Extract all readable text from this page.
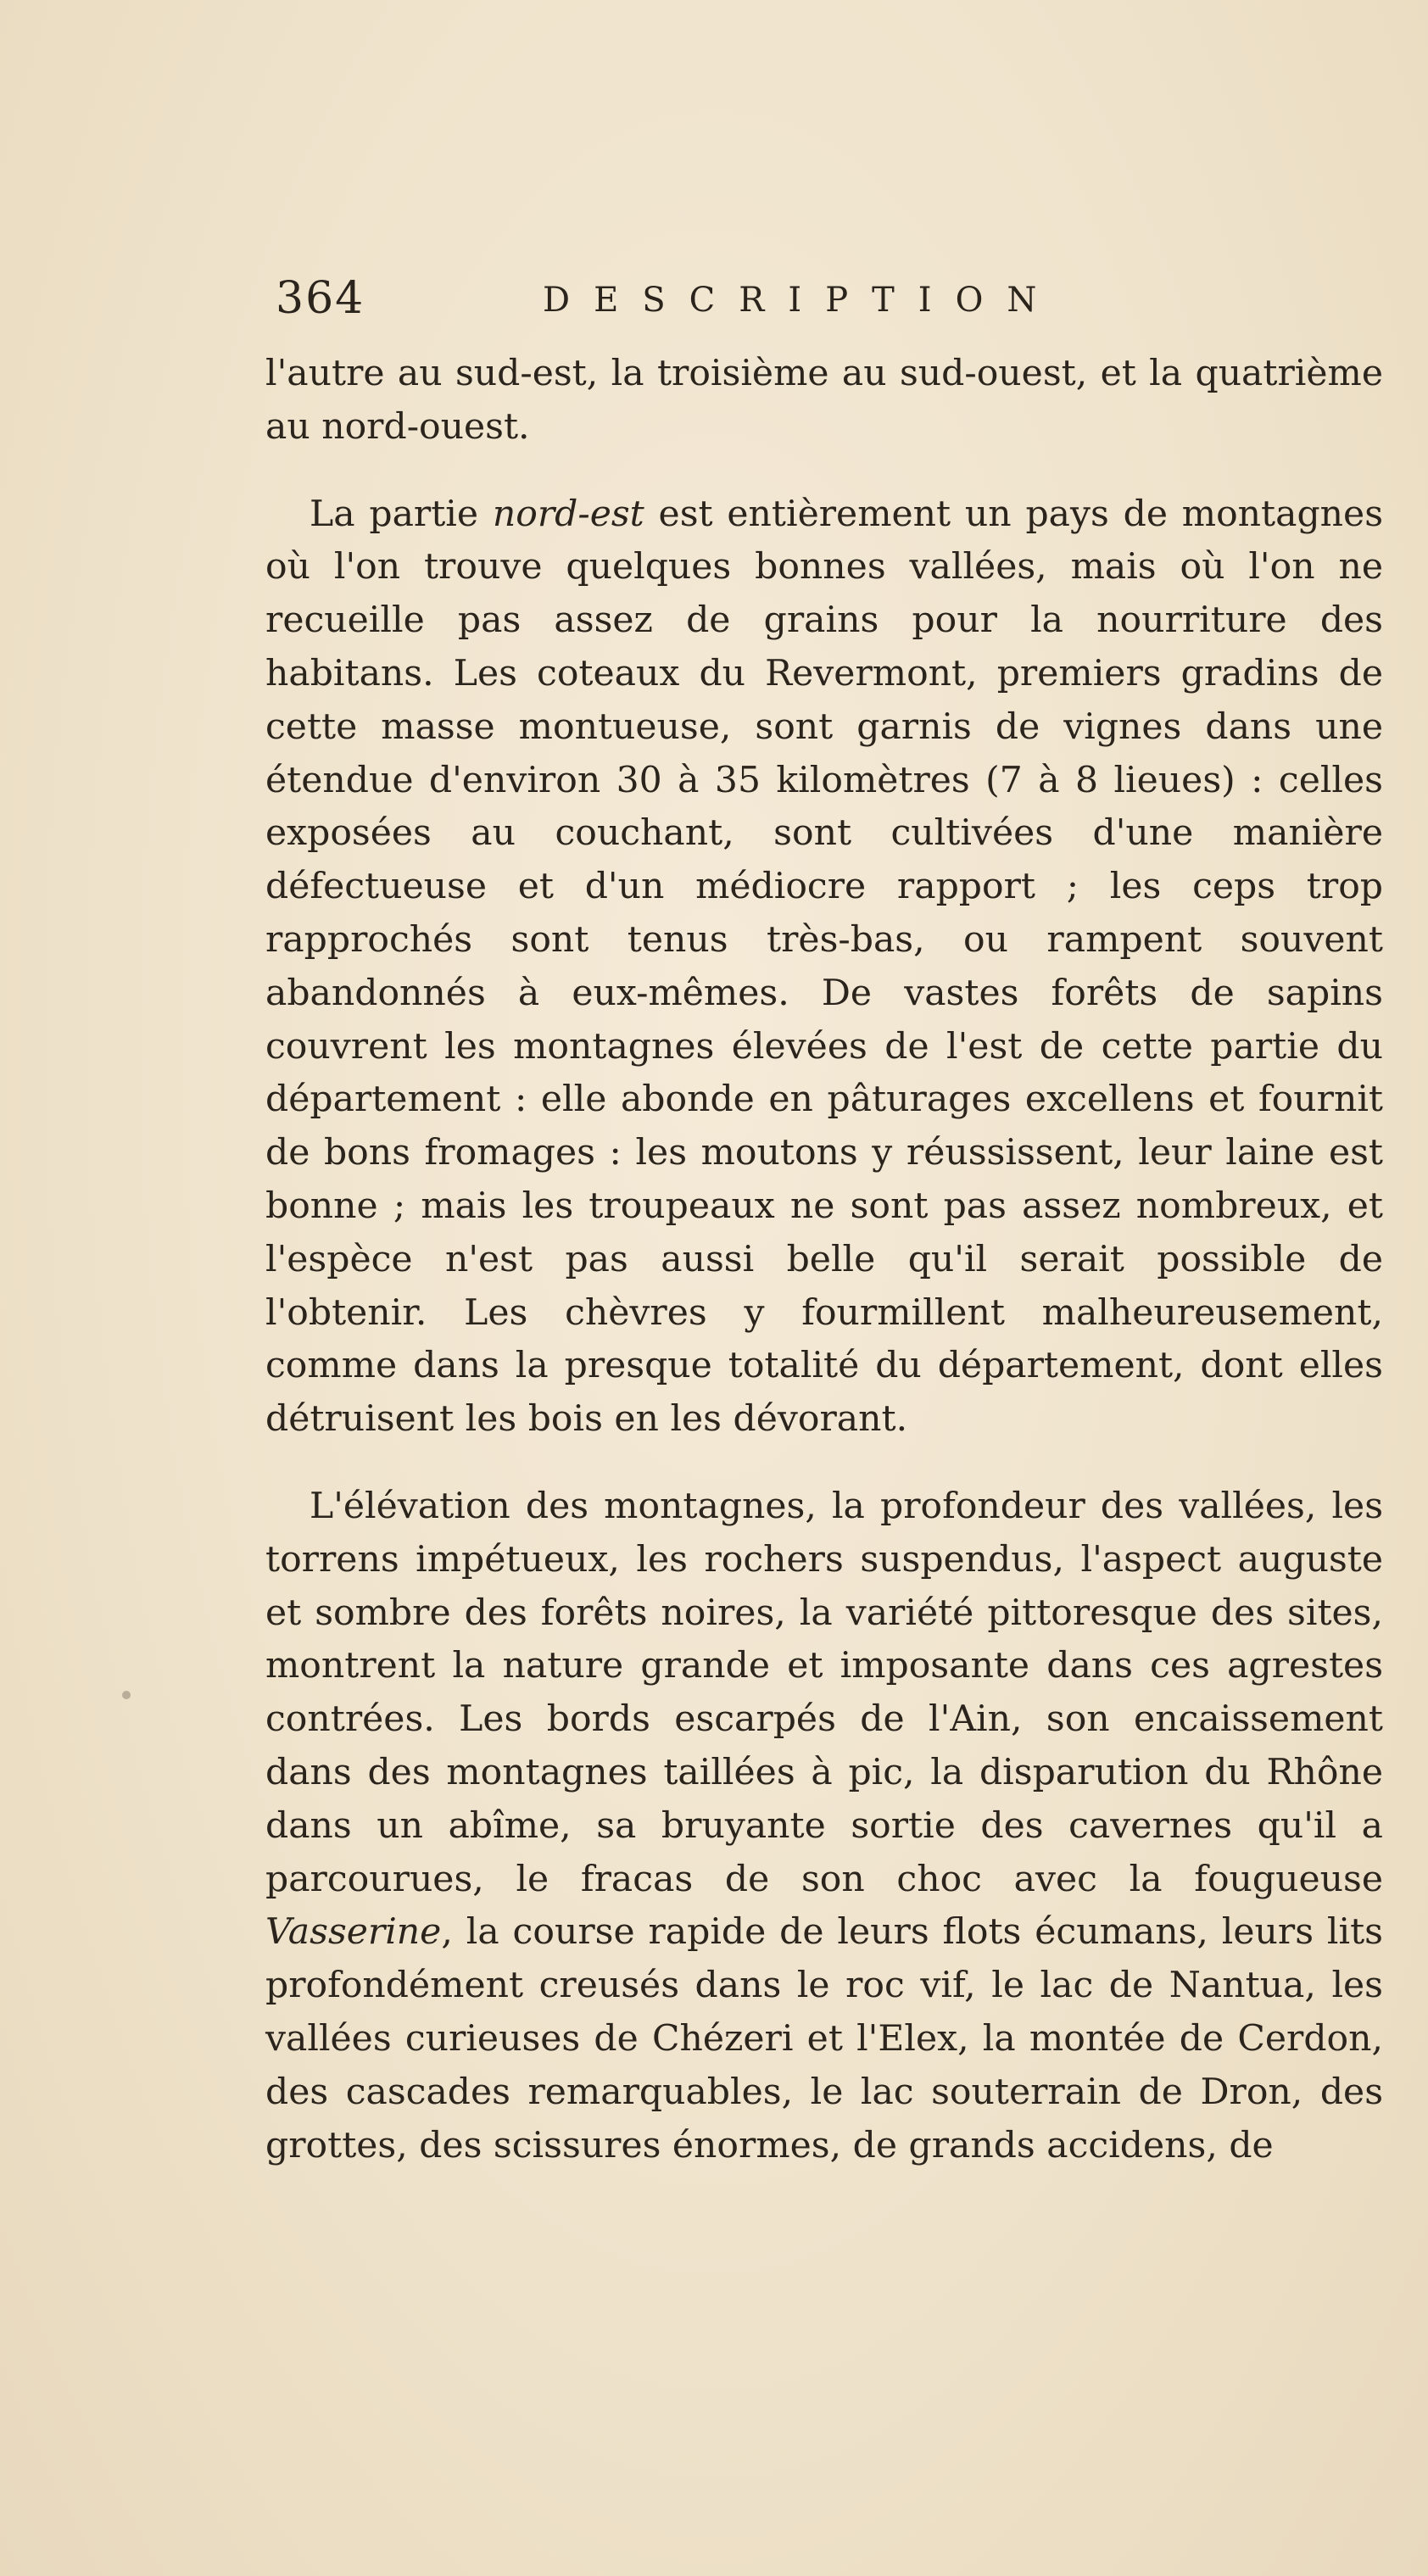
364	DESCRIPTION

l'autre au sud-est, la troisième au sud-ouest, et la quatrième au nord-ouest.

La partie nord-est est entièrement un pays de montagnes où l'on trouve quelques bonnes vallées, mais où l'on ne recueille pas assez de grains pour la nourriture des habitans. Les coteaux du Revermont, premiers gradins de cette masse montueuse, sont garnis de vignes dans une étendue d'environ 30 à 35 kilomètres (7 à 8 lieues) : celles exposées au couchant, sont cultivées d'une manière défectueuse et d'un médiocre rapport ; les ceps trop rapprochés sont tenus très-bas, ou rampent souvent abandonnés à eux-mêmes. De vastes forêts de sapins couvrent les montagnes élevées de l'est de cette partie du département : elle abonde en pâturages excellens et fournit de bons fromages : les moutons y réussissent, leur laine est bonne ; mais les troupeaux ne sont pas assez nombreux, et l'espèce n'est pas aussi belle qu'il serait possible de l'obtenir. Les chèvres y fourmillent malheureusement, comme dans la presque totalité du département, dont elles détruisent les bois en les dévorant.

L'élévation des montagnes, la profondeur des vallées, les torrens impétueux, les rochers suspendus, l'aspect auguste et sombre des forêts noires, la variété pittoresque des sites, montrent la nature grande et imposante dans ces agrestes contrées. Les bords escarpés de l'Ain, son encaissement dans des montagnes taillées à pic, la disparution du Rhône dans un abîme, sa bruyante sortie des cavernes qu'il a parcourues, le fracas de son choc avec la fougueuse Vasserine, la course rapide de leurs flots écumans, leurs lits profondément creusés dans le roc vif, le lac de Nantua, les vallées curieuses de Chézeri et l'Elex, la montée de Cerdon, des cascades remarquables, le lac souterrain de Dron, des grottes, des scissures énormes, de grands accidens, de
